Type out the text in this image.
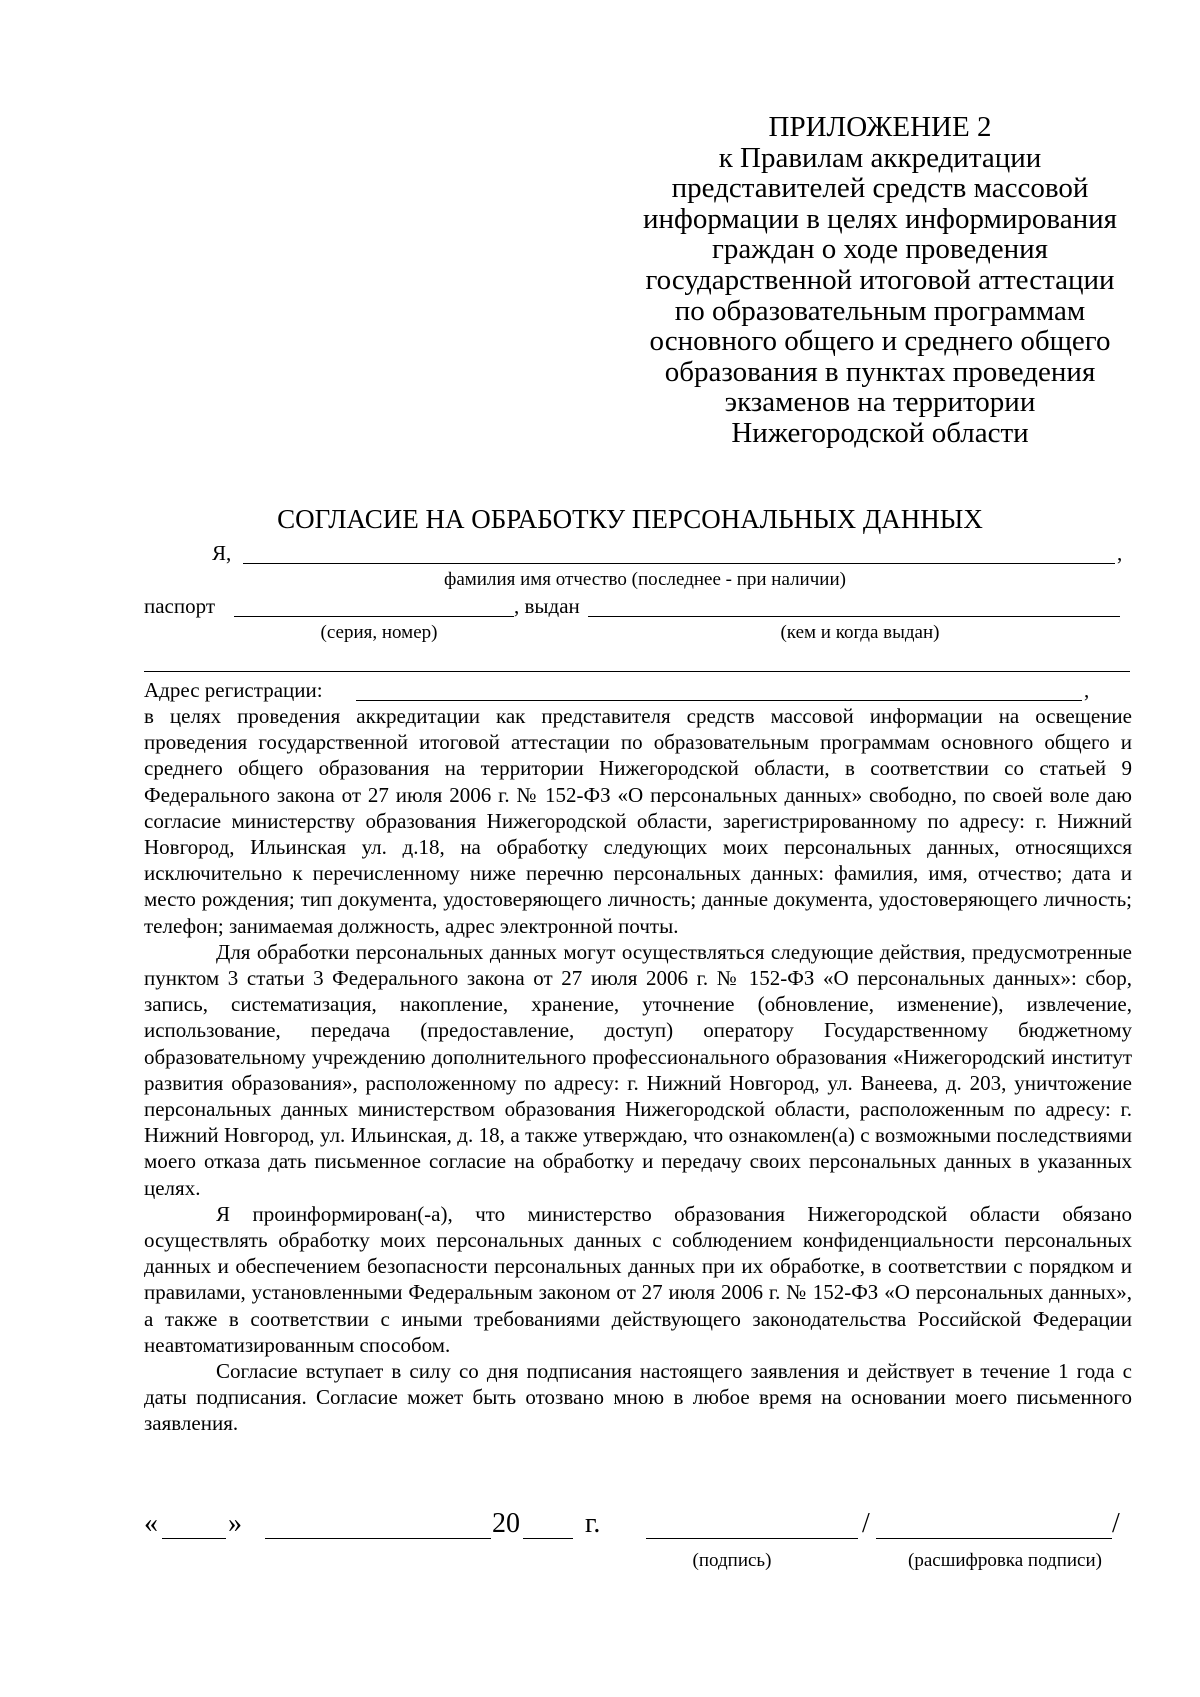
ПРИЛОЖЕНИЕ 2
к Правилам аккредитации
представителей средств массовой
информации в целях информирования
граждан о ходе проведения
государственной итоговой аттестации
по образовательным программам
основного общего и среднего общего
образования в пунктах проведения
экзаменов на территории
Нижегородской области
СОГЛАСИЕ НА ОБРАБОТКУ ПЕРСОНАЛЬНЫХ ДАННЫХ
Я,	,
фамилия имя отчество (последнее - при наличии)
паспорт	, выдан
(серия, номер)	(кем и когда выдан)
Адрес регистрации:	,

в целях проведения аккредитации как представителя средств массовой информации на освещение проведения государственной итоговой аттестации по образовательным программам основного общего и среднего общего образования на территории Нижегородской области, в соответствии со статьей 9 Федерального закона от 27 июля 2006 г. № 152-ФЗ «О персональных данных» свободно, по своей воле даю согласие министерству образования Нижегородской области, зарегистрированному по адресу: г. Нижний Новгород, Ильинская ул. д.18, на обработку следующих моих персональных данных, относящихся исключительно к перечисленному ниже перечню персональных данных: фамилия, имя, отчество; дата и место рождения; тип документа, удостоверяющего личность; данные документа, удостоверяющего личность; телефон; занимаемая должность, адрес электронной почты.

Для обработки персональных данных могут осуществляться следующие действия, предусмотренные пунктом 3 статьи 3 Федерального закона от 27 июля 2006 г. № 152-ФЗ «О персональных данных»: сбор, запись, систематизация, накопление, хранение, уточнение (обновление, изменение), извлечение, использование, передача (предоставление, доступ) оператору Государственному бюджетному образовательному учреждению дополнительного профессионального образования «Нижегородский институт развития образования», расположенному по адресу: г. Нижний Новгород, ул. Ванеева, д. 203, уничтожение персональных данных министерством образования Нижегородской области, расположенным по адресу: г. Нижний Новгород, ул. Ильинская, д. 18, а также утверждаю, что ознакомлен(а) с возможными последствиями моего отказа дать письменное согласие на обработку и передачу своих персональных данных в указанных целях.

Я проинформирован(-а), что министерство образования Нижегородской области обязано осуществлять обработку моих персональных данных с соблюдением конфиденциальности персональных данных и обеспечением безопасности персональных данных при их обработке, в соответствии с порядком и правилами, установленными Федеральным законом от 27 июля 2006 г. № 152-ФЗ «О персональных данных», а также в соответствии с иными требованиями действующего законодательства Российской Федерации неавтоматизированным способом.

Согласие вступает в силу со дня подписания настоящего заявления и действует в течение 1 года с даты подписания. Согласие может быть отозвано мною в любое время на основании моего письменного заявления.

«	»	20 г.	/	/
(подпись)	(расшифровка подписи)
